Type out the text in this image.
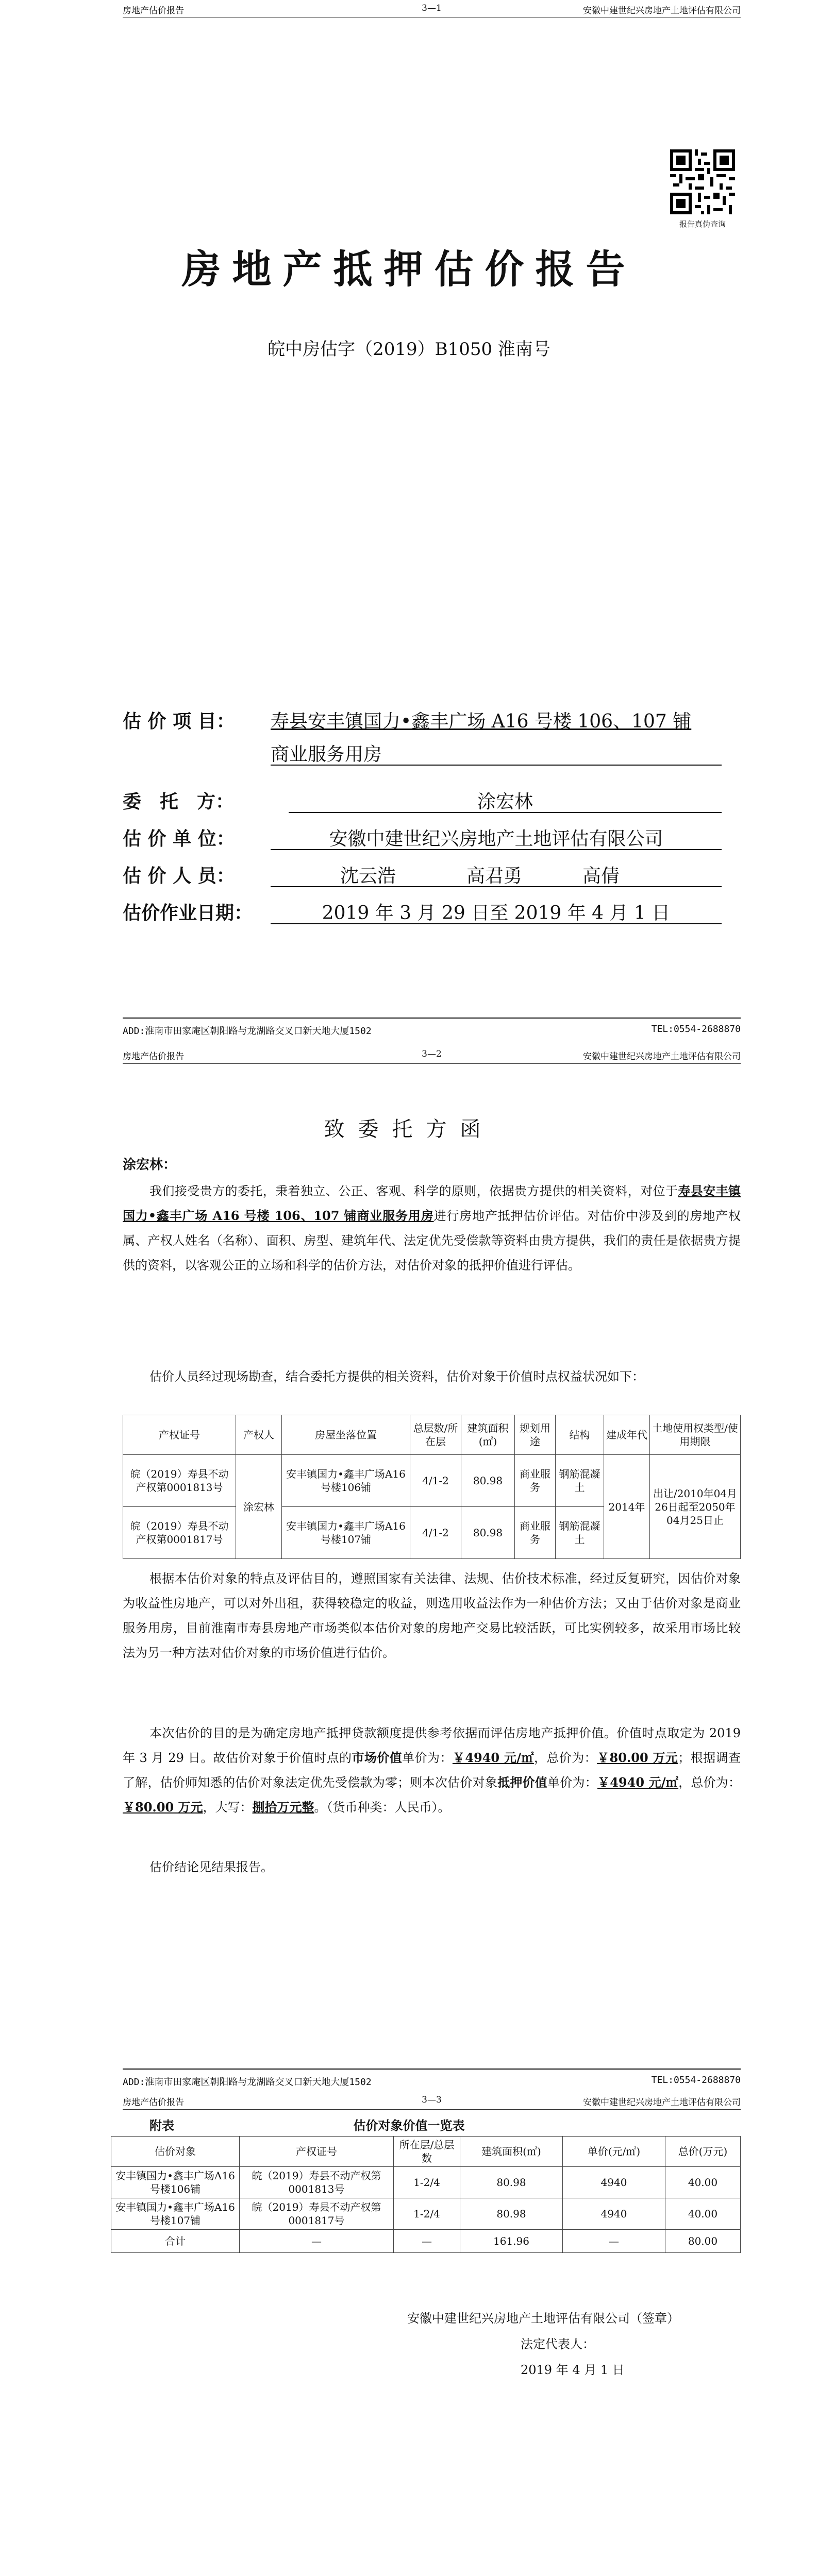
房地产估价报告	3—1	安徽中建世纪兴房地产土地评估有限公司
报告真伪查询
房地产抵押估价报告
皖中房估字（2019）B1050 淮南号
估 价 项 目： 寿县安丰镇国力•鑫丰广场 A16 号楼 106、107 铺
商业服务用房
委　托　方：	涂宏林
估 价 单 位：	安徽中建世纪兴房地产土地评估有限公司
估 价 人 员：	沈云浩	高君勇	高倩
估价作业日期：	2019 年 3 月 29 日至 2019 年 4 月 1 日
ADD:淮南市田家庵区朝阳路与龙湖路交叉口新天地大厦1502	TEL:0554-2688870
房地产估价报告	3—2	安徽中建世纪兴房地产土地评估有限公司
致委托方函
涂宏林：
我们接受贵方的委托，秉着独立、公正、客观、科学的原则，依据贵方提供的相关资料，对位于寿县安丰镇国力•鑫丰广场 A16 号楼 106、107 铺商业服务用房进行房地产抵押估价评估。对估价中涉及到的房地产权属、产权人姓名（名称）、面积、房型、建筑年代、法定优先受偿款等资料由贵方提供，我们的责任是依据贵方提供的资料，以客观公正的立场和科学的估价方法，对估价对象的抵押价值进行评估。
估价人员经过现场勘查，结合委托方提供的相关资料，估价对象于价值时点权益状况如下：
产权证号	产权人	房屋坐落位置	总层数/所在层	建筑面积(㎡)	规划用途	结构	建成年代	土地使用权类型/使用期限
皖（2019）寿县不动产权第0001813号	涂宏林	安丰镇国力•鑫丰广场A16号楼106铺	4/1-2	80.98	商业服务	钢筋混凝土	2014年	出让/2010年04月26日起至2050年04月25日止
皖（2019）寿县不动产权第0001817号		安丰镇国力•鑫丰广场A16号楼107铺	4/1-2	80.98	商业服务	钢筋混凝土		
根据本估价对象的特点及评估目的，遵照国家有关法律、法规、估价技术标准，经过反复研究，因估价对象为收益性房地产，可以对外出租，获得较稳定的收益，则选用收益法作为一种估价方法；又由于估价对象是商业服务用房，目前淮南市寿县房地产市场类似本估价对象的房地产交易比较活跃，可比实例较多，故采用市场比较法为另一种方法对估价对象的市场价值进行估价。
本次估价的目的是为确定房地产抵押贷款额度提供参考依据而评估房地产抵押价值。价值时点取定为 2019 年 3 月 29 日。故估价对象于价值时点的市场价值单价为：￥4940 元/㎡，总价为：￥80.00 万元；根据调查了解，估价师知悉的估价对象法定优先受偿款为零；则本次估价对象抵押价值单价为：￥4940 元/㎡，总价为：￥80.00 万元，大写：捌拾万元整。（货币种类：人民币）。
估价结论见结果报告。
ADD:淮南市田家庵区朝阳路与龙湖路交叉口新天地大厦1502	TEL:0554-2688870
房地产估价报告	3—3	安徽中建世纪兴房地产土地评估有限公司
附表	估价对象价值一览表
估价对象	产权证号	所在层/总层数	建筑面积(㎡)	单价(元/㎡)	总价(万元)
安丰镇国力•鑫丰广场A16号楼106铺	皖（2019）寿县不动产权第0001813号	1-2/4	80.98	4940	40.00
安丰镇国力•鑫丰广场A16号楼107铺	皖（2019）寿县不动产权第0001817号	1-2/4	80.98	4940	40.00
合计	—	—	161.96	—	80.00
安徽中建世纪兴房地产土地评估有限公司（签章）
法定代表人：
2019 年 4 月 1 日
